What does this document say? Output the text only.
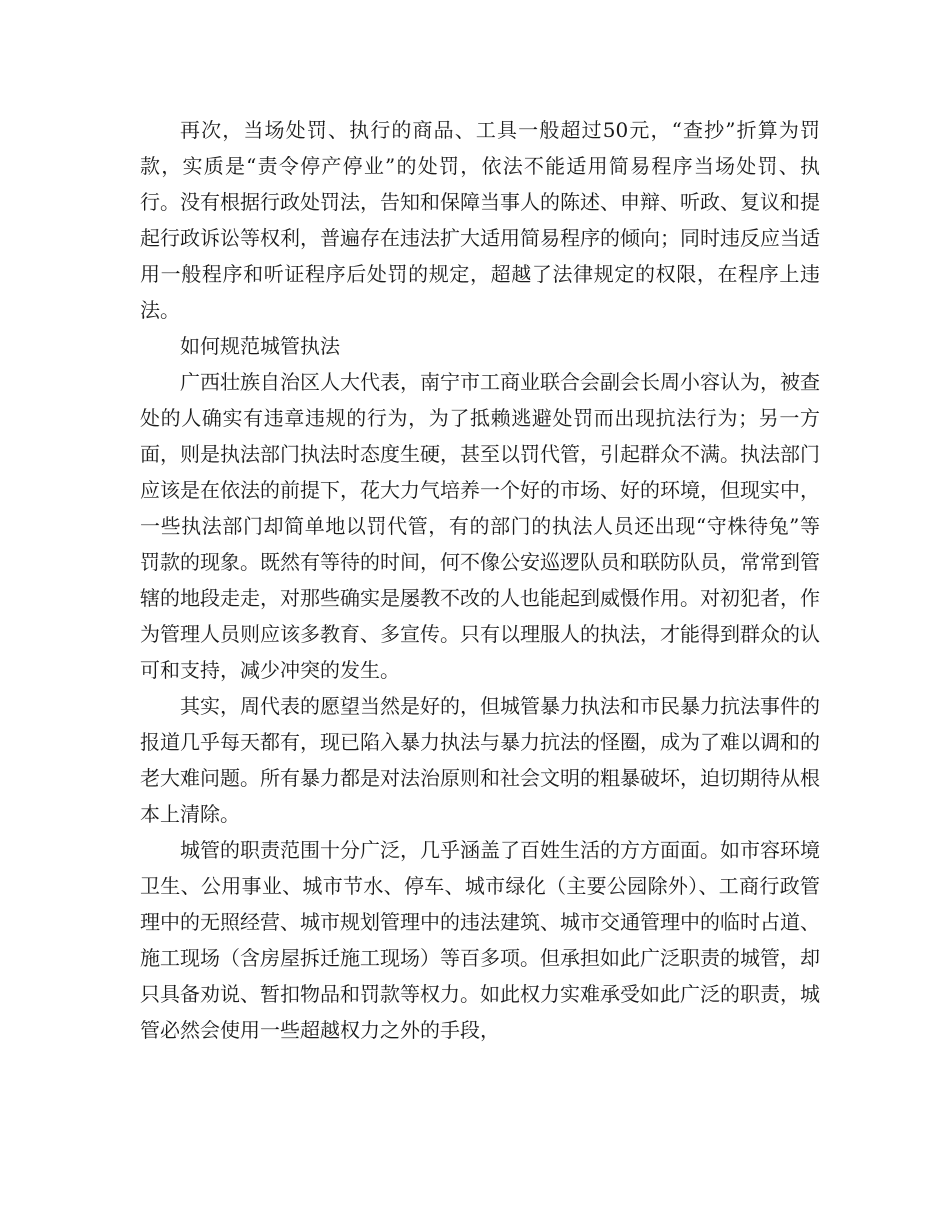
再次，当场处罚、执行的商品、工具一般超过50元，“查抄”折算为罚款，实质是“责令停产停业”的处罚，依法不能适用简易程序当场处罚、执行。没有根据行政处罚法，告知和保障当事人的陈述、申辩、听政、复议和提起行政诉讼等权利，普遍存在违法扩大适用简易程序的倾向；同时违反应当适用一般程序和听证程序后处罚的规定，超越了法律规定的权限，在程序上违法。

如何规范城管执法

广西壮族自治区人大代表，南宁市工商业联合会副会长周小容认为，被查处的人确实有违章违规的行为，为了抵赖逃避处罚而出现抗法行为；另一方面，则是执法部门执法时态度生硬，甚至以罚代管，引起群众不满。执法部门应该是在依法的前提下，花大力气培养一个好的市场、好的环境，但现实中，一些执法部门却简单地以罚代管，有的部门的执法人员还出现“守株待兔”等罚款的现象。既然有等待的时间，何不像公安巡逻队员和联防队员，常常到管辖的地段走走，对那些确实是屡教不改的人也能起到威慑作用。对初犯者，作为管理人员则应该多教育、多宣传。只有以理服人的执法，才能得到群众的认可和支持，减少冲突的发生。

其实，周代表的愿望当然是好的，但城管暴力执法和市民暴力抗法事件的报道几乎每天都有，现已陷入暴力执法与暴力抗法的怪圈，成为了难以调和的老大难问题。所有暴力都是对法治原则和社会文明的粗暴破坏，迫切期待从根本上清除。

城管的职责范围十分广泛，几乎涵盖了百姓生活的方方面面。如市容环境卫生、公用事业、城市节水、停车、城市绿化（主要公园除外）、工商行政管理中的无照经营、城市规划管理中的违法建筑、城市交通管理中的临时占道、施工现场（含房屋拆迁施工现场）等百多项。但承担如此广泛职责的城管，却只具备劝说、暂扣物品和罚款等权力。如此权力实难承受如此广泛的职责，城管必然会使用一些超越权力之外的手段，
